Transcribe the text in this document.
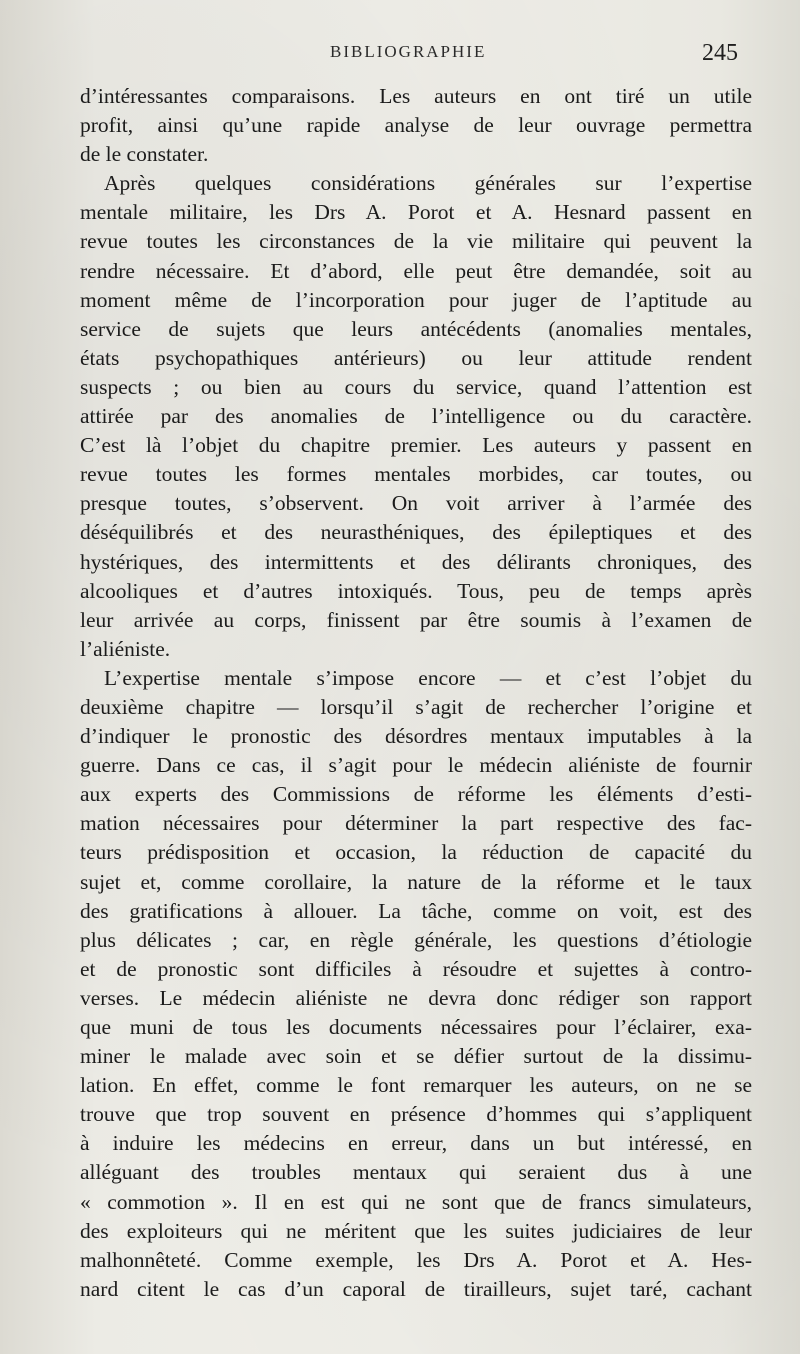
BIBLIOGRAPHIE	245
d’intéressantes comparaisons. Les auteurs en ont tiré un utile
profit, ainsi qu’une rapide analyse de leur ouvrage permettra
de le constater.
Après quelques considérations générales sur l’expertise
mentale militaire, les Drs A. Porot et A. Hesnard passent en
revue toutes les circonstances de la vie militaire qui peuvent la
rendre nécessaire. Et d’abord, elle peut être demandée, soit au
moment même de l’incorporation pour juger de l’aptitude au
service de sujets que leurs antécédents (anomalies mentales,
états psychopathiques antérieurs) ou leur attitude rendent
suspects ; ou bien au cours du service, quand l’attention est
attirée par des anomalies de l’intelligence ou du caractère.
C’est là l’objet du chapitre premier. Les auteurs y passent en
revue toutes les formes mentales morbides, car toutes, ou
presque toutes, s’observent. On voit arriver à l’armée des
déséquilibrés et des neurasthéniques, des épileptiques et des
hystériques, des intermittents et des délirants chroniques, des
alcooliques et d’autres intoxiqués. Tous, peu de temps après
leur arrivée au corps, finissent par être soumis à l’examen de
l’aliéniste.
L’expertise mentale s’impose encore — et c’est l’objet du
deuxième chapitre — lorsqu’il s’agit de rechercher l’origine et
d’indiquer le pronostic des désordres mentaux imputables à la
guerre. Dans ce cas, il s’agit pour le médecin aliéniste de fournir
aux experts des Commissions de réforme les éléments d’esti-
mation nécessaires pour déterminer la part respective des fac-
teurs prédisposition et occasion, la réduction de capacité du
sujet et, comme corollaire, la nature de la réforme et le taux
des gratifications à allouer. La tâche, comme on voit, est des
plus délicates ; car, en règle générale, les questions d’étiologie
et de pronostic sont difficiles à résoudre et sujettes à contro-
verses. Le médecin aliéniste ne devra donc rédiger son rapport
que muni de tous les documents nécessaires pour l’éclairer, exa-
miner le malade avec soin et se défier surtout de la dissimu-
lation. En effet, comme le font remarquer les auteurs, on ne se
trouve que trop souvent en présence d’hommes qui s’appliquent
à induire les médecins en erreur, dans un but intéressé, en
alléguant des troubles mentaux qui seraient dus à une
« commotion ». Il en est qui ne sont que de francs simulateurs,
des exploiteurs qui ne méritent que les suites judiciaires de leur
malhonnêteté. Comme exemple, les Drs A. Porot et A. Hes-
nard citent le cas d’un caporal de tirailleurs, sujet taré, cachant
